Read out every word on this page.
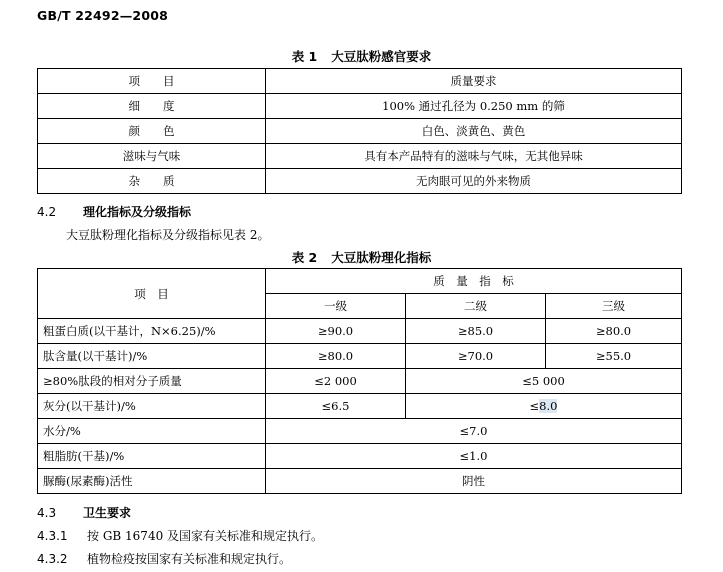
GB/T 22492—2008
表 1 大豆肽粉感官要求
项　　目	质量要求
细　　度	100% 通过孔径为 0.250 mm 的筛
颜　　色	白色、淡黄色、黄色
滋味与气味	具有本产品特有的滋味与气味，无其他异味
杂　　质	无肉眼可见的外来物质
4.2 理化指标及分级指标
大豆肽粉理化指标及分级指标见表 2。
表 2 大豆肽粉理化指标
项　目	质　量　指　标		
	一级	二级	三级
粗蛋白质(以干基计，N×6.25)/%	≥90.0	≥85.0	≥80.0
肽含量(以干基计)/%	≥80.0	≥70.0	≥55.0
≥80%肽段的相对分子质量	≤2 000	≤5 000	
灰分(以干基计)/%	≤6.5	≤8.0	
水分/%	≤7.0		
粗脂肪(干基)/%	≤1.0		
脲酶(尿素酶)活性	阴性		
4.3 卫生要求
4.3.1 按 GB 16740 及国家有关标准和规定执行。
4.3.2 植物检疫按国家有关标准和规定执行。
